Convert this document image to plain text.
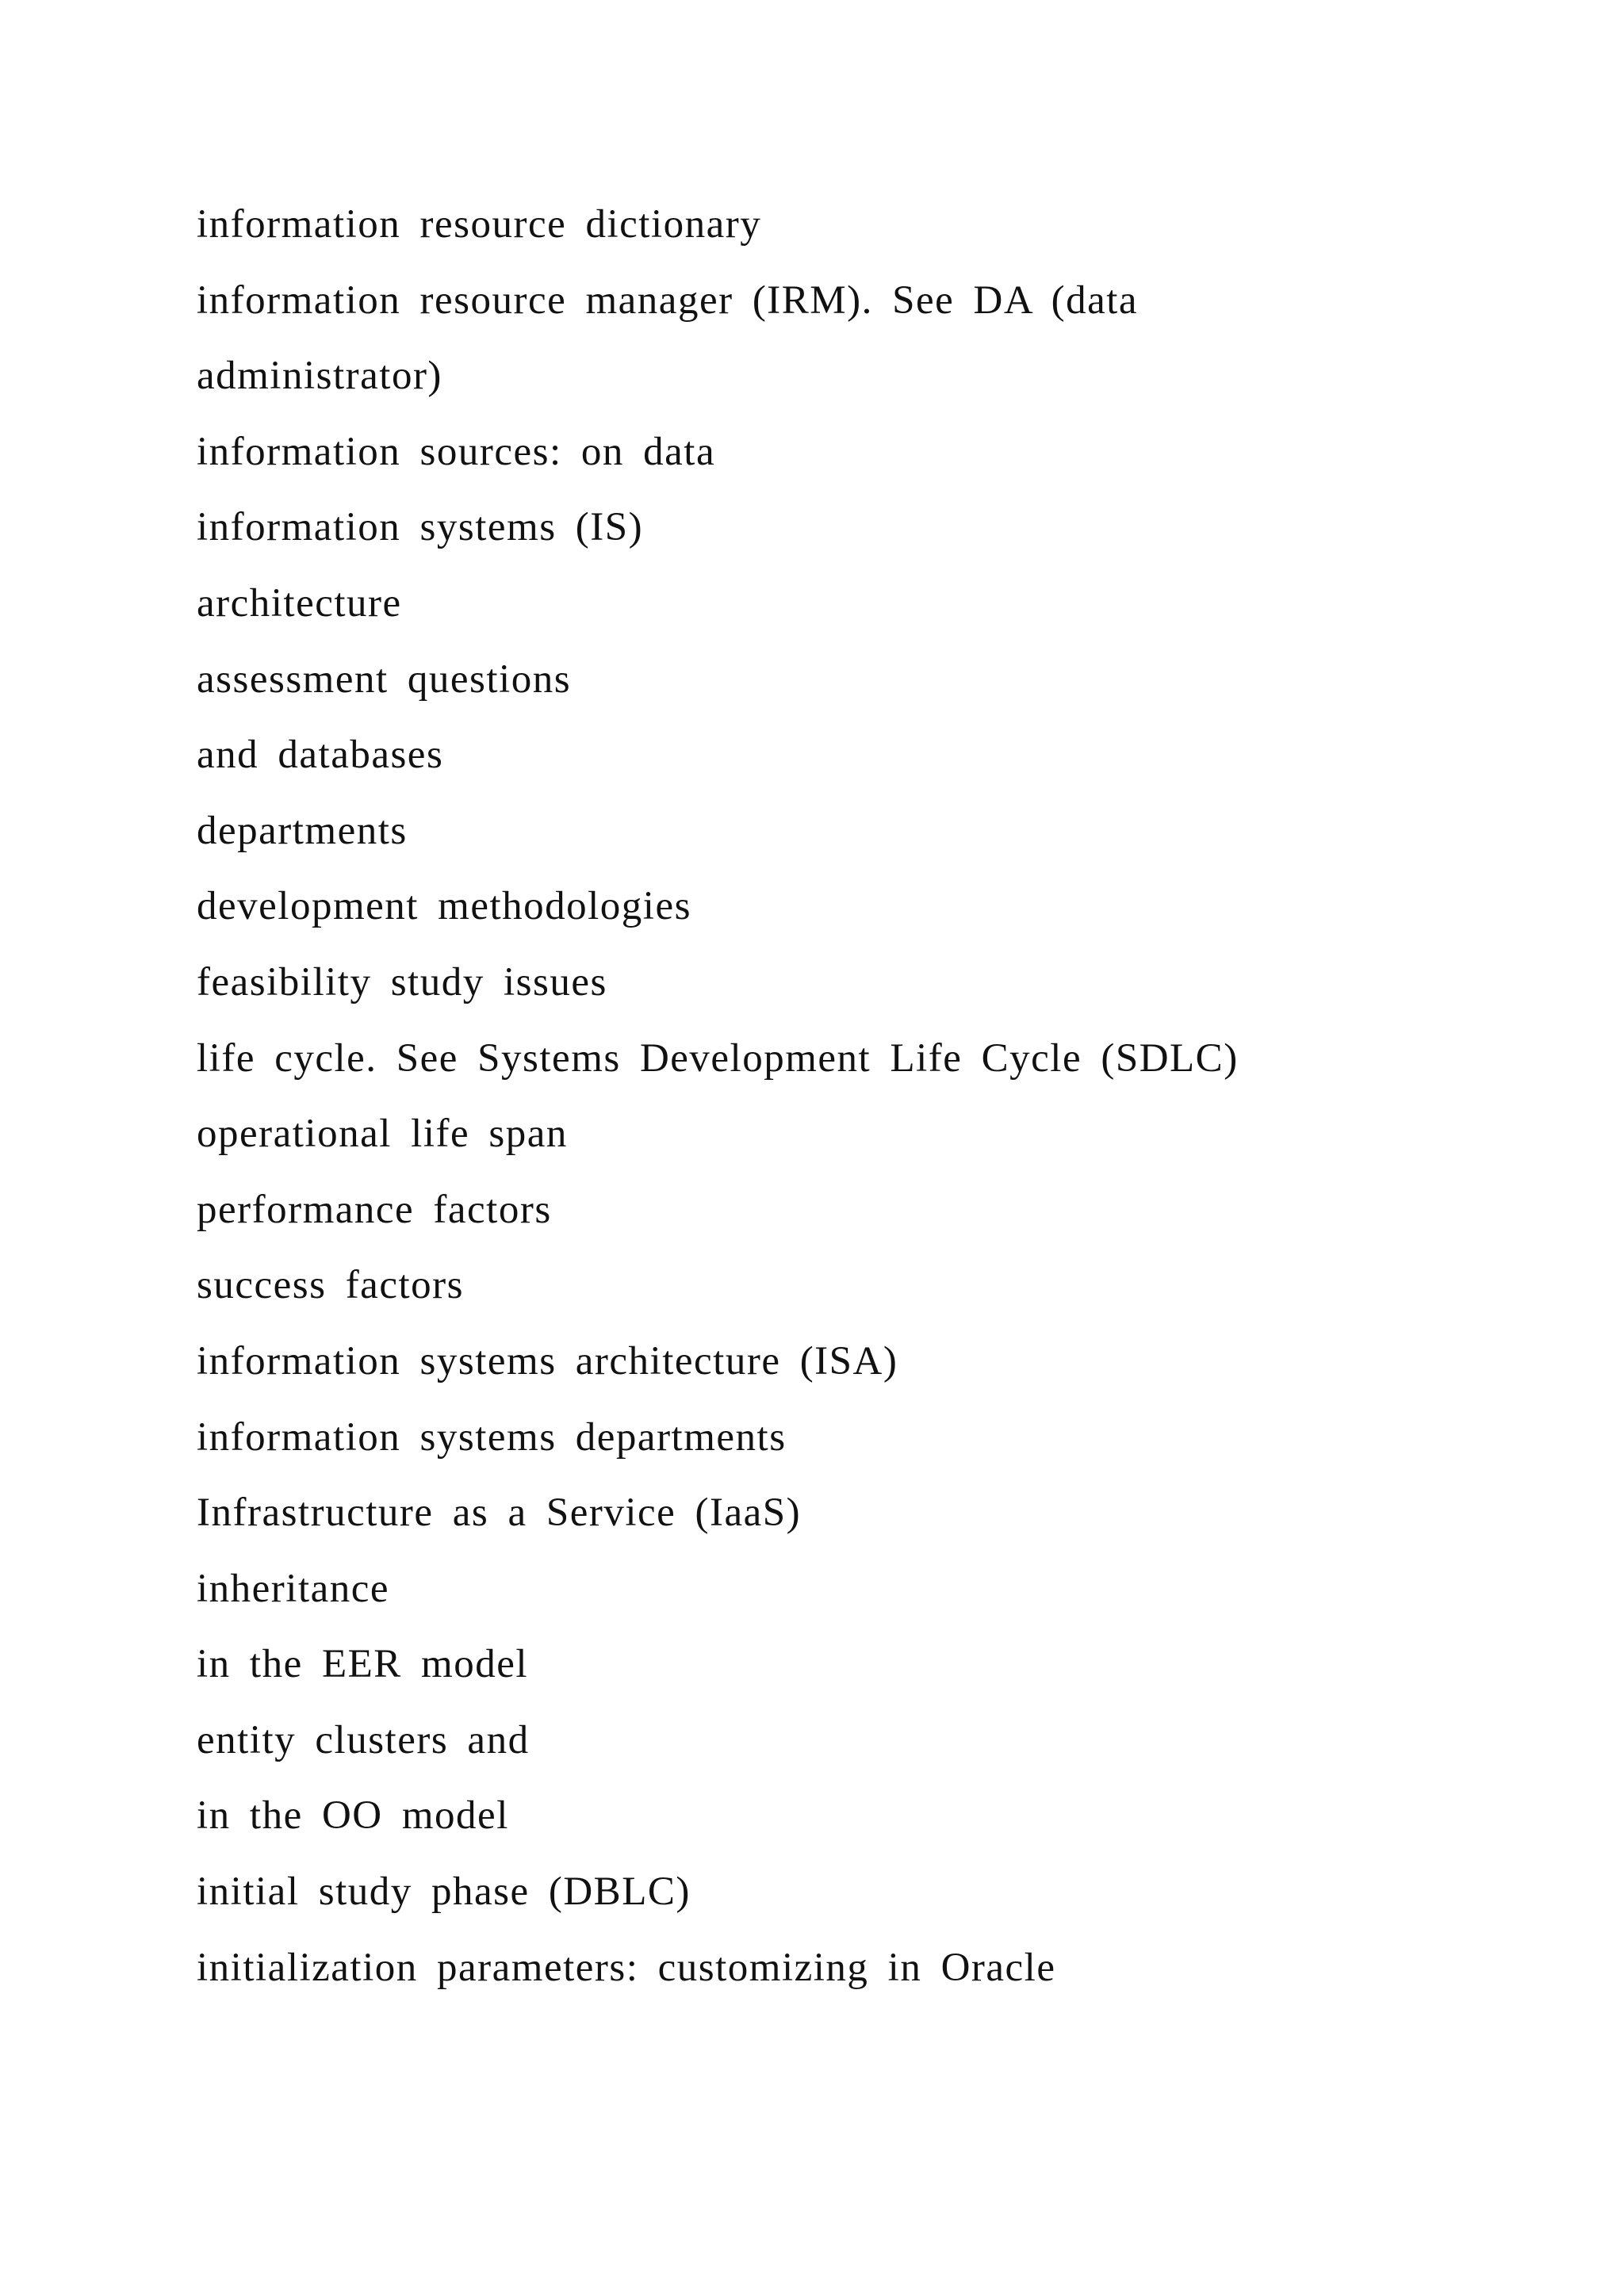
information resource dictionary
information resource manager (IRM). See DA (data
administrator)
information sources: on data
information systems (IS)
architecture
assessment questions
and databases
departments
development methodologies
feasibility study issues
life cycle. See Systems Development Life Cycle (SDLC)
operational life span
performance factors
success factors
information systems architecture (ISA)
information systems departments
Infrastructure as a Service (IaaS)
inheritance
in the EER model
entity clusters and
in the OO model
initial study phase (DBLC)
initialization parameters: customizing in Oracle
